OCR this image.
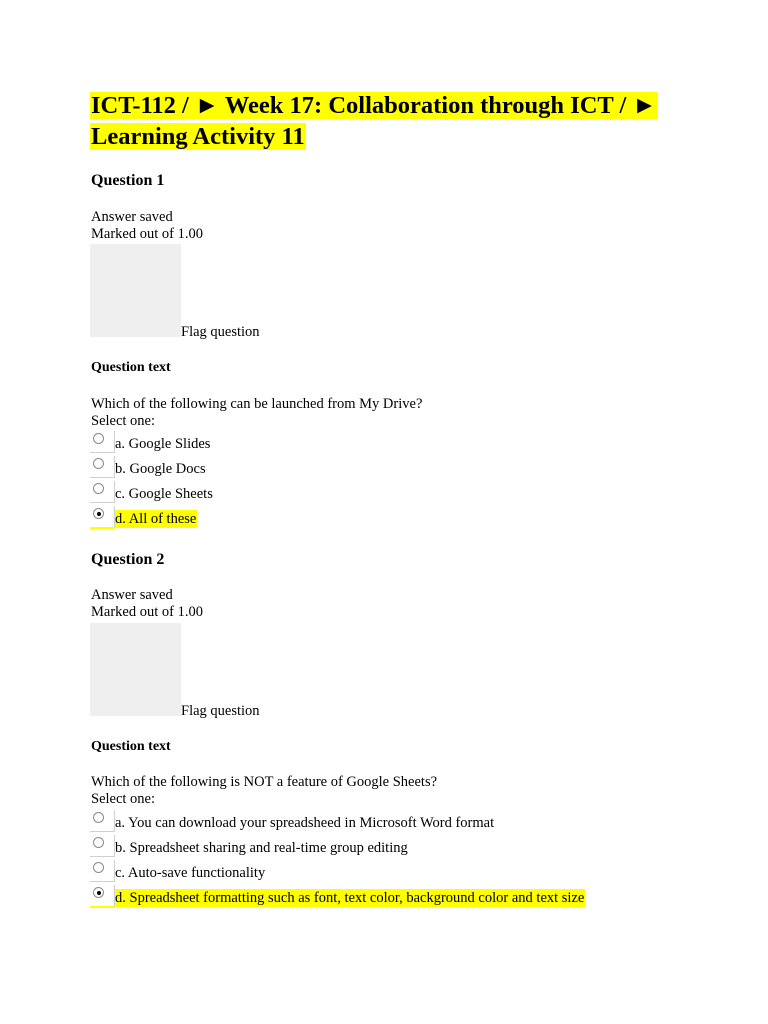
ICT-112 / ► Week 17: Collaboration through ICT / ►
Learning Activity 11
Question 1
Answer saved
Marked out of 1.00
Flag question
Question text
Which of the following can be launched from My Drive?
Select one:
a. Google Slides
b. Google Docs
c. Google Sheets
d. All of these
Question 2
Answer saved
Marked out of 1.00
Flag question
Question text
Which of the following is NOT a feature of Google Sheets?
Select one:
a. You can download your spreadsheed in Microsoft Word format
b. Spreadsheet sharing and real-time group editing
c. Auto-save functionality
d. Spreadsheet formatting such as font, text color, background color and text size
